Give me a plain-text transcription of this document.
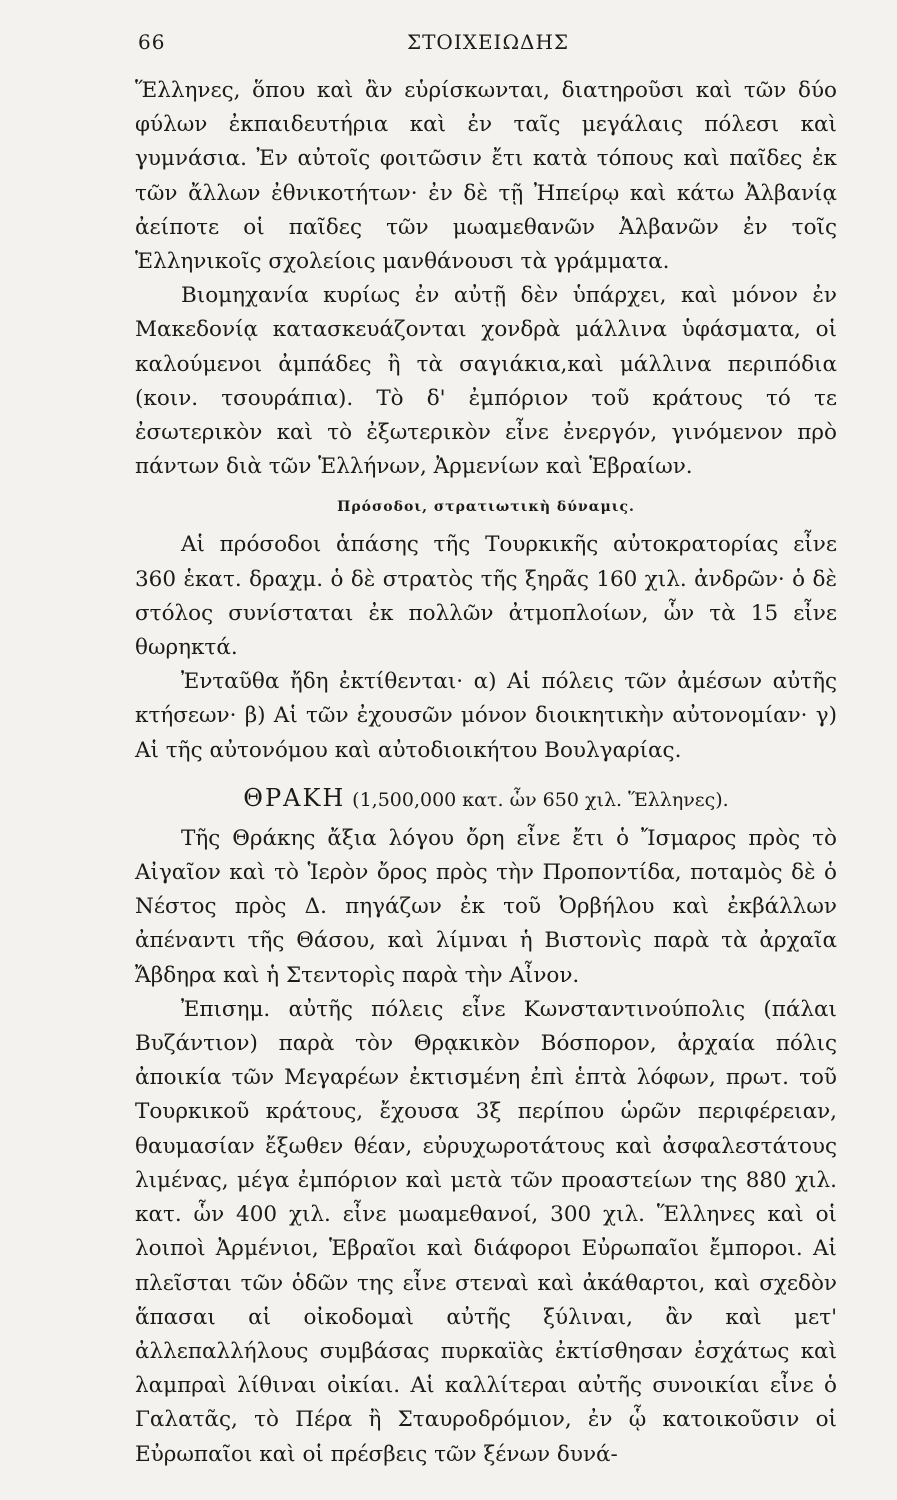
66	ΣΤΟΙΧΕΙΩΔΗΣ

Ἕλληνες, ὅπου καὶ ἂν εὑρίσκωνται, διατηροῦσι καὶ τῶν δύο φύλων ἐκπαιδευτήρια καὶ ἐν ταῖς μεγάλαις πόλεσι καὶ γυμνάσια. Ἐν αὐτοῖς φοιτῶσιν ἔτι κατὰ τόπους καὶ παῖδες ἐκ τῶν ἄλλων ἐθνικοτήτων· ἐν δὲ τῇ Ἠπείρῳ καὶ κάτω Ἀλβανίᾳ ἀείποτε οἱ παῖδες τῶν μωαμεθανῶν Ἀλβανῶν ἐν τοῖς Ἑλληνικοῖς σχολείοις μανθάνουσι τὰ γράμματα.

Βιομηχανία κυρίως ἐν αὐτῇ δὲν ὑπάρχει, καὶ μόνον ἐν Μακεδονίᾳ κατασκευάζονται χονδρὰ μάλλινα ὑφάσματα, οἱ καλούμενοι ἀμπάδες ἢ τὰ σαγιάκια,καὶ μάλλινα περιπόδια (κοιν. τσουράπια). Τὸ δ' ἐμπόριον τοῦ κράτους τό τε ἐσωτερικὸν καὶ τὸ ἐξωτερικὸν εἶνε ἐνεργόν, γινόμενον πρὸ πάντων διὰ τῶν Ἑλλήνων, Ἀρμενίων καὶ Ἑβραίων.

Πρόσοδοι, στρατιωτικὴ δύναμις.

Αἱ πρόσοδοι ἁπάσης τῆς Τουρκικῆς αὐτοκρατορίας εἶνε 360 ἑκατ. δραχμ. ὁ δὲ στρατὸς τῆς ξηρᾶς 160 χιλ. ἀνδρῶν· ὁ δὲ στόλος συνίσταται ἐκ πολλῶν ἀτμοπλοίων, ὧν τὰ 15 εἶνε θωρηκτά.

Ἐνταῦθα ἤδη ἐκτίθενται· α) Αἱ πόλεις τῶν ἀμέσων αὐτῆς κτήσεων· β) Αἱ τῶν ἐχουσῶν μόνον διοικητικὴν αὐτονομίαν· γ) Αἱ τῆς αὐτονόμου καὶ αὐτοδιοικήτου Βουλγαρίας.

ΘΡΑΚΗ (1,500,000 κατ. ὧν 650 χιλ. Ἕλληνες).

Τῆς Θράκης ἄξια λόγου ὄρη εἶνε ἔτι ὁ Ἴσμαρος πρὸς τὸ Αἰγαῖον καὶ τὸ Ἱερὸν ὄρος πρὸς τὴν Προποντίδα, ποταμὸς δὲ ὁ Νέστος πρὸς Δ. πηγάζων ἐκ τοῦ Ὀρβήλου καὶ ἐκβάλλων ἀπέναντι τῆς Θάσου, καὶ λίμναι ἡ Βιστονὶς παρὰ τὰ ἀρχαῖα Ἄβδηρα καὶ ἡ Στεντορὶς παρὰ τὴν Αἶνον.

Ἐπισημ. αὐτῆς πόλεις εἶνε Κωνσταντινούπολις (πάλαι Βυζάντιον) παρὰ τὸν Θρᾳκικὸν Βόσπορον, ἀρχαία πόλις ἀποικία τῶν Μεγαρέων ἐκτισμένη ἐπὶ ἑπτὰ λόφων, πρωτ. τοῦ Τουρκικοῦ κράτους, ἔχουσα 3ξ περίπου ὡρῶν περιφέρειαν, θαυμασίαν ἔξωθεν θέαν, εὐρυχωροτάτους καὶ ἀσφαλεστάτους λιμένας, μέγα ἐμπόριον καὶ μετὰ τῶν προαστείων της 880 χιλ. κατ. ὧν 400 χιλ. εἶνε μωαμεθανοί, 300 χιλ. Ἕλληνες καὶ οἱ λοιποὶ Ἀρμένιοι, Ἑβραῖοι καὶ διάφοροι Εὐρωπαῖοι ἔμποροι. Αἱ πλεῖσται τῶν ὁδῶν της εἶνε στεναὶ καὶ ἀκάθαρτοι, καὶ σχεδὸν ἅπασαι αἱ οἰκοδομαὶ αὐτῆς ξύλιναι, ἂν καὶ μετ' ἀλλεπαλλήλους συμβάσας πυρκαϊὰς ἐκτίσθησαν ἐσχάτως καὶ λαμπραὶ λίθιναι οἰκίαι. Αἱ καλλίτεραι αὐτῆς συνοικίαι εἶνε ὁ Γαλατᾶς, τὸ Πέρα ἢ Σταυροδρόμιον, ἐν ᾧ κατοικοῦσιν οἱ Εὐρωπαῖοι καὶ οἱ πρέσβεις τῶν ξένων δυνά-
